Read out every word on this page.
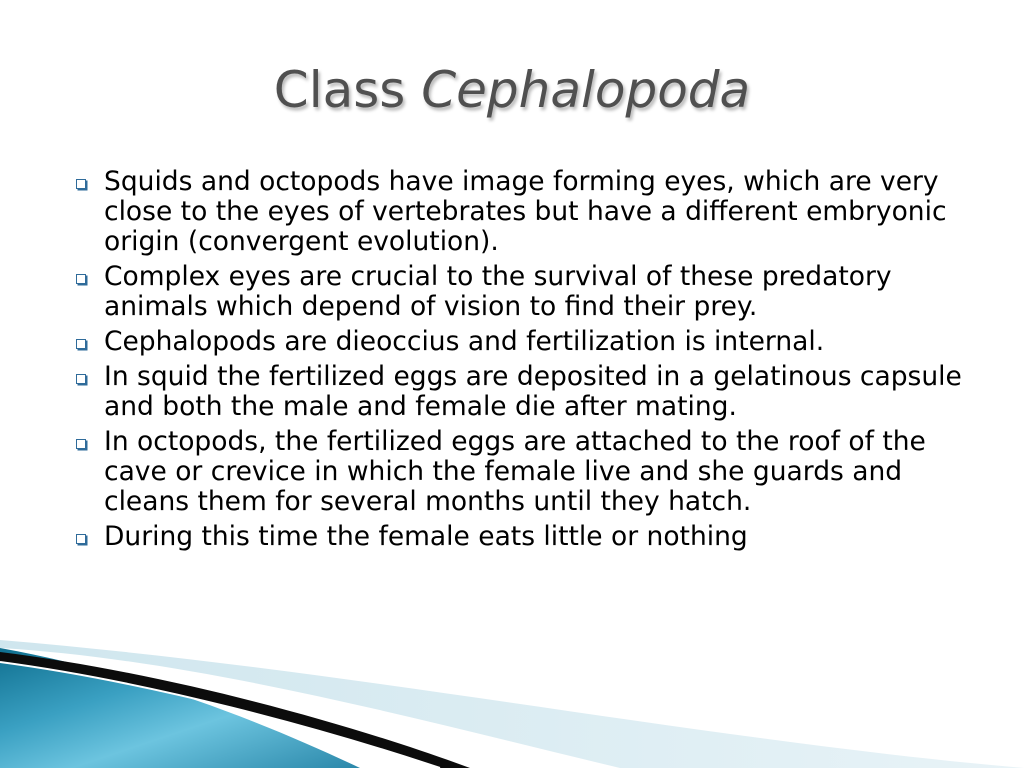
Class Cephalopoda
Squids and octopods have image forming eyes, which are very close to the eyes of vertebrates but have a different embryonic origin (convergent evolution).
Complex eyes are crucial to the survival of these predatory animals which depend of vision to find their prey.
Cephalopods are dieoccius and fertilization is internal.
In squid the fertilized eggs are deposited in a gelatinous capsule and both the male and female die after mating.
In octopods, the fertilized eggs are attached to the roof of the cave or crevice in which the female live and she guards and cleans them for several months until they hatch.
During this time the female eats little or nothing
